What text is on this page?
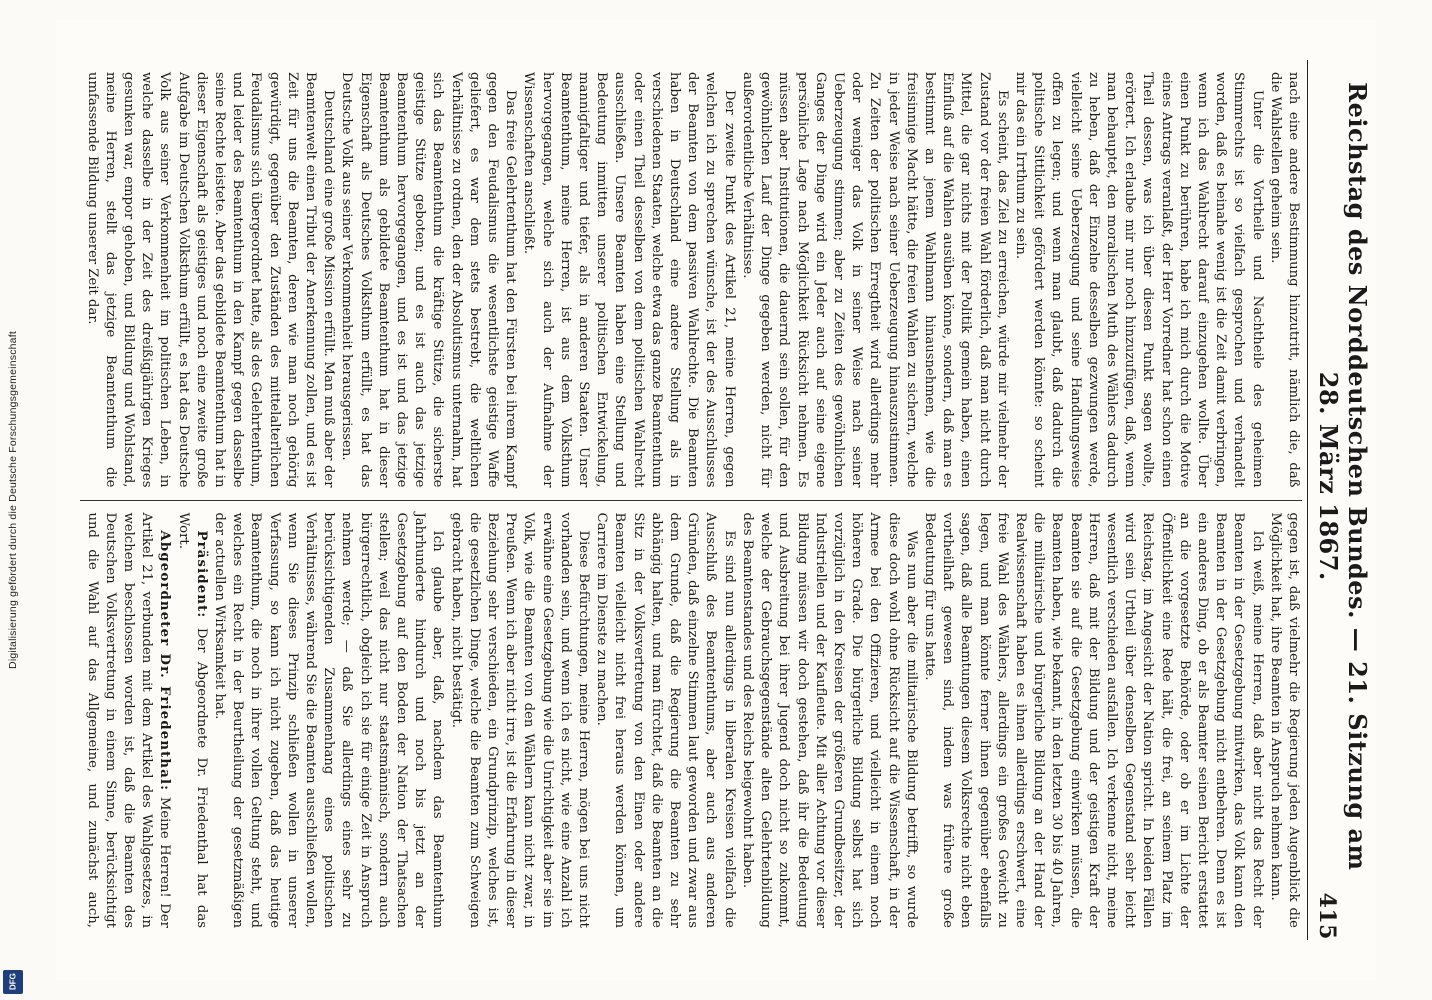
Reichstag des Norddeutschen Bundes. — 21. Sitzung am 28. März 1867.
415

nach eine andere Bestimmung hinzutritt, nämlich die, daß die Wahlstellen geheim sein.

Unter die Vortheile und Nachtheile des geheimen Stimmrechts ist so vielfach gesprochen und verhandelt worden, daß es beinahe wenig ist die Zeit damit verbringen, wenn ich das Wahlrecht darauf einzugehen wollte. Über einen Punkt zu berühren, habe ich mich durch die Motive eines Antrags veranlaßt, der Herr Vorredner hat schon einen Theil dessen, was ich über diesen Punkt sagen wollte, erörtert. Ich erlaube mir nur noch hinzuzufügen, daß, wenn man behauptet, den moralischen Muth des Wählers dadurch zu heben, daß der Einzelne desselben gezwungen werde, vielleicht seine Ueberzeugung und seine Handlungsweise offen zu legen; und wenn man glaubt, daß dadurch die politische Sittlichkeit gefördert werden könnte: so scheint mir das ein Irrthum zu sein.

Es scheint, das Ziel zu erreichen, würde mir vielmehr der Zustand vor der freien Wahl förderlich, daß man nicht durch Mittel, die gar nichts mit der Politik gemein haben, einen Einfluß auf die Wahlen ausüben könne, sondern, daß man es bestimmt an jenem Wahlmann hinausnehmen, wie die freisinnige Macht hätte, die freien Wahlen zu sichern, welche in jeder Weise nach seiner Ueberzeugung hinauszustimmen. Zu Zeiten der politischen Erregtheit wird allerdings mehr oder weniger das Volk in seiner Weise nach seiner Ueberzeugung stimmen; aber zu Zeiten des gewöhnlichen Ganges der Dinge wird ein Jeder auch auf seine eigene persönliche Lage nach Möglichkeit Rücksicht nehmen. Es müssen aber Institutionen, die dauernd sein sollen, für den gewöhnlichen Lauf der Dinge gegeben werden, nicht für außerordentliche Verhältnisse.

Der zweite Punkt des Artikel 21, meine Herren, gegen welchen ich zu sprechen wünsche, ist der des Ausschlusses der Beamten von dem passiven Wahlrechte. Die Beamten haben in Deutschland eine andere Stellung als in verschiedenen Staaten, welche etwa das ganze Beamtenthum oder einen Theil desselben von dem politischen Wahlrecht ausschließen. Unsere Beamten haben eine Stellung und Bedeutung inmitten unserer politischen Entwickelung, mannigfaltiger und tiefer, als in anderen Staaten. Unser Beamtenthum, meine Herren, ist aus dem Volksthum hervorgegangen, welche sich auch der Aufnahme der Wissenschaften anschließt.

Das freie Gelehrtenthum hat den Fürsten bei ihrem Kampf gegen den Feudalismus die wesentlichste geistige Waffe geliefert, es war dem stets bestrebt, die weltlichen Verhältnisse zu ordnen, den der Absolutismus unternahm, hat sich das Beamtenthum die kräftige Stütze, die sicherste geistige Stütze geboten; und es ist auch das jetzige Beamtenthum hervorgegangen, und es ist und das jetzige Beamtenthum als gebildete Beamtenthum hat in dieser Eigenschaft als Deutsches Volksthum erfüllt, es hat das Deutsche Volk aus seiner Verkommenheit herausgerissen.

Deutschland eine große Mission erfüllt. Man muß aber der Beamtenwelt einen Tribut der Anerkennung zollen, und es ist Zeit für uns die Beamten, deren wie man noch gehörig gewürdigt, gegenüber den Zuständen des mittelalterlichen Feudalismus sich übergeordnet hatte, als des Gelehrtenthum, und leider des Beamtenthum in den Kampf gegen dasselbe seine Rechte leistete. Aber das gebildete Beamtenthum hat in dieser Eigenschaft als geistiges und noch eine zweite große Aufgabe im Deutschen Volksthum erfüllt, es hat das Deutsche Volk aus seiner Verkommenheit im politischen Leben, in welche dasselbe in der Zeit des dreißigjährigen Krieges gesunken war, empor gehoben, und Bildung und Wohlstand, meine Herren, stellt das jetzige Beamtenthum die umfassende Bildung unserer Zeit dar.

gegen ist, daß vielmehr die Regierung jeden Augenblick die Möglichkeit hat, ihre Beamten in Anspruch nehmen kann.

Ich weiß, meine Herren, daß aber nicht das Recht der Beamten in der Gesetzgebung mitwirken, das Volk kann den Beamten in der Gesetzgebung nicht entbehren. Denn es ist ein anderes Ding, ob er als Beamter seinen Bericht erstattet an die vorgesetzte Behörde, oder ob er im Lichte der Öffentlichkeit eine Rede hält, die frei, an seinem Platz im Reichstag, im Angesicht der Nation spricht. In beiden Fällen wird sein Urtheil über denselben Gegenstand sehr leicht wesentlich verschieden ausfallen. Ich verkenne nicht, meine Herren, daß mit der Bildung und der geistigen Kraft der Beamten sie auf die Gesetzgebung einwirken müssen, die Beamten haben, wie bekannt, in den letzten 30 bis 40 Jahren, die militairische und bürgerliche Bildung an der Hand der Realwissenschaft haben es ihnen allerdings erschwert, eine freie Wahl des Wählers, allerdings ein großes Gewicht zu legen, und man könnte ferner ihnen gegenüber ebenfalls sagen, daß alle Beamtungen diesem Volksrechte nicht eben vortheilhaft gewesen sind, indem was frühere große Bedeutung für uns hatte.

Was nun aber die militairische Bildung betrifft, so wurde diese doch wohl ohne Rücksicht auf die Wissenschaft, in der Armee bei den Offizieren, und vielleicht in einem noch höheren Grade. Die bürgerliche Bildung selbst hat sich vorzüglich in den Kreisen der größeren Grundbesitzer, der Industriellen und der Kaufleute. Mit aller Achtung vor dieser Bildung müssen wir doch gestehen, daß ihr die Bedeutung und Ausbreitung bei ihrer Jugend doch nicht so zukommt, welche der Gebrauchsgegenstände alten Gelehrtenbildung des Beamtenstandes und des Reichs beigewohnt haben.

Es sind nun allerdings in liberalen Kreisen vielfach die Ausschluß des Beamtenthums, aber auch aus anderen Gründen, daß einzelne Stimmen laut geworden und zwar aus dem Grunde, daß die Regierung die Beamten zu sehr abhängig halten, und man fürchtet, daß die Beamten an die Sitz in der Volksvertretung von den Einen oder andere Beamten vielleicht nicht frei heraus werden können, um Carriere im Dienste zu machen.

Diese Befürchtungen, meine Herren, mögen bei uns nicht vorhanden sein, und wenn ich es nicht, wie eine Anzahl ich erwähne eine Gesetzgebung wie die Unrichtigkeit aber sie im Volk, wie die Beamten von den Wählern kann nicht zwar, in Preußen. Wenn ich aber nicht irre, ist die Erfahrung in dieser Beziehung sehr verschieden, ein Grundprinzip, welches ist, die gesetzlichen Dinge, welche die Beamten zum Schweigen gebracht haben, nicht bestätigt.

Ich glaube aber, daß, nachdem das Beamtenthum Jahrhunderte hindurch und noch bis jetzt an der Gesetzgebung auf den Boden der Nation der Thatsachen stellen; weil das nicht nur staatsmännisch, sondern auch bürgerrechtlich, obgleich ich sie für einige Zeit in Anspruch nehmen werde; — daß Sie allerdings eines sehr zu berücksichtigenden Zusammenhang eines politischen Verhältnisses, während Sie die Beamten ausschließen wollen, wenn Sie dieses Prinzip schließen wollen in unserer Verfassung, so kann ich nicht zugeben, daß das heutige Beamtenthum, die noch in ihrer vollen Geltung steht, und welches ein Recht in der Beurtheilung der gesetzmäßigen der actuellen Wirksamkeit hat.

Präsident: Der Abgeordnete Dr. Friedenthal hat das Wort.

Abgeordneter Dr. Friedenthal: Meine Herren! Der Artikel 21, verbunden mit dem Artikel des Wahlgesetzes, in welchem beschlossen worden ist, daß die Beamten des Deutschen Volksvertretung in einem Sinne, berücksichtigt und die Wahl auf das Allgemeine, und zunächst auch,

Digitalisierung gefördert durch die Deutsche Forschungsgemeinschaft
DFG
